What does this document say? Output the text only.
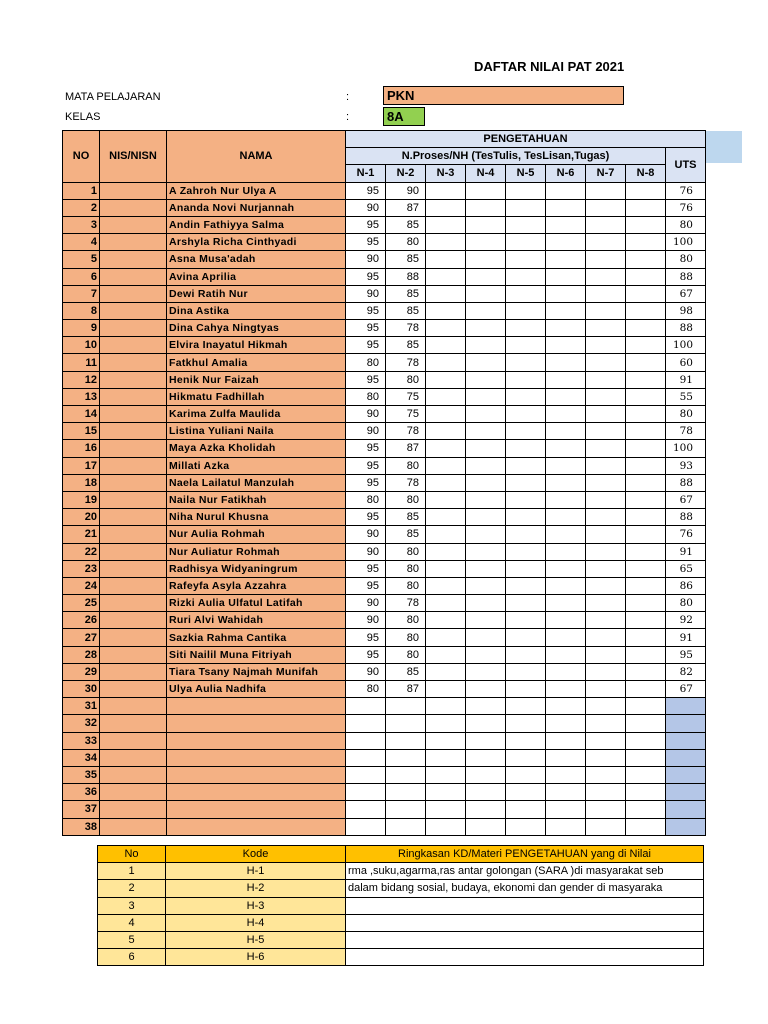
DAFTAR NILAI PAT 2021
MATA PELAJARAN	:	PKN
KELAS	:	8A
NO	NIS/NISN	NAMA	PENGETAHUAN								
			N.Proses/NH (TesTulis, TesLisan,Tugas)								UTS
			N-1	N-2	N-3	N-4	N-5	N-6	N-7	N-8	
1		A Zahroh Nur Ulya A	95	90							76
2		Ananda Novi Nurjannah	90	87							76
3		Andin Fathiyya Salma	95	85							80
4		Arshyla Richa Cinthyadi	95	80							100
5		Asna Musa'adah	90	85							80
6		Avina Aprilia	95	88							88
7		Dewi Ratih Nur	90	85							67
8		Dina Astika	95	85							98
9		Dina Cahya Ningtyas	95	78							88
10		Elvira Inayatul Hikmah	95	85							100
11		Fatkhul Amalia	80	78							60
12		Henik Nur Faizah	95	80							91
13		Hikmatu Fadhillah	80	75							55
14		Karima Zulfa Maulida	90	75							80
15		Listina Yuliani Naila	90	78							78
16		Maya Azka Kholidah	95	87							100
17		Millati Azka	95	80							93
18		Naela Lailatul Manzulah	95	78							88
19		Naila Nur Fatikhah	80	80							67
20		Niha Nurul Khusna	95	85							88
21		Nur Aulia Rohmah	90	85							76
22		Nur Auliatur Rohmah	90	80							91
23		Radhisya Widyaningrum	95	80							65
24		Rafeyfa Asyla Azzahra	95	80							86
25		Rizki Aulia Ulfatul Latifah	90	78							80
26		Ruri Alvi Wahidah	90	80							92
27		Sazkia Rahma Cantika	95	80							91
28		Siti Nailil Muna Fitriyah	95	80							95
29		Tiara Tsany Najmah Munifah	90	85							82
30		Ulya Aulia Nadhifa	80	87							67
31											
32											
33											
34											
35											
36											
37											
38											
No	Kode	Ringkasan KD/Materi PENGETAHUAN yang di Nilai
1	H-1	rma ,suku,agarma,ras antar golongan (SARA )di masyarakat seb
2	H-2	dalam bidang sosial, budaya, ekonomi dan gender di masyaraka
3	H-3	
4	H-4	
5	H-5	
6	H-6	
